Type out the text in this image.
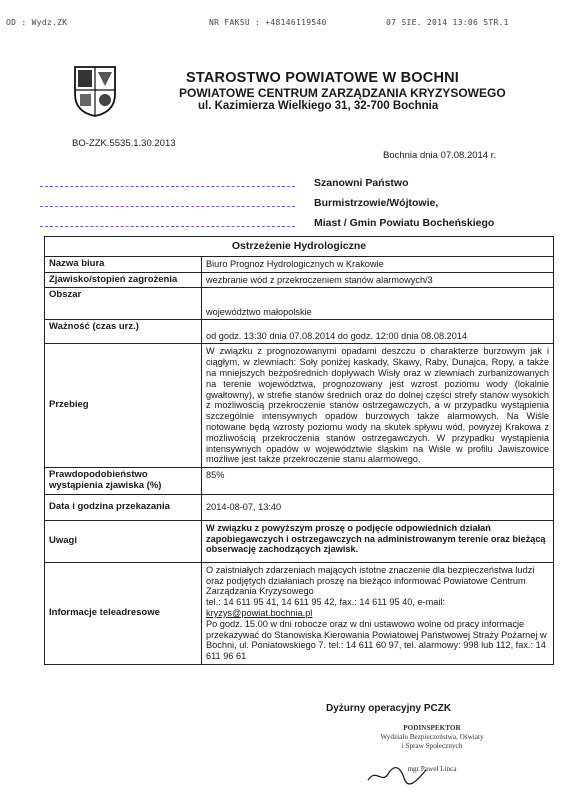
OD : Wydz.ZK	NR FAKSU : +48146119540	07 SIE. 2014 13:06 STR.1
STAROSTWO POWIATOWE W BOCHNI
POWIATOWE CENTRUM ZARZĄDZANIA KRYZYSOWEGO
ul. Kazimierza Wielkiego 31, 32-700 Bochnia
BO-ZZK.5535.1.30.2013
Bochnia dnia 07.08.2014 r.
Szanowni Państwo
Burmistrzowie/Wójtowie,
Miast / Gmin Powiatu Bocheńskiego
Ostrzeżenie Hydrologiczne	
Nazwa biura	Biuro Prognoz Hydrologicznych w Krakowie
Zjawisko/stopień zagrożenia	wezbranie wód z przekroczeniem stanów alarmowych/3
Obszar	województwo małopolskie
Ważność (czas urz.)	od godz. 13:30 dnia 07.08.2014 do godz. 12:00 dnia 08.08.2014
Przebieg	W związku z prognozowanymi opadami deszczu o charakterze burzowym jak i ciągłym, w zlewniach: Soły poniżej kaskady, Skawy, Raby, Dunajca, Ropy, a także na mniejszych bezpośrednich dopływach Wisły oraz w zlewniach zurbanizowanych na terenie województwa, prognozowany jest wzrost poziomu wody (lokalnie gwałtowny), w strefie stanów średnich oraz do dolnej części strefy stanów wysokich z możliwością przekroczenie stanów ostrzegawczych, a w przypadku wystąpienia szczególnie intensywnych opadów burzowych także alarmowych. Na Wiśle notowane będą wzrosty poziomu wody na skutek spływu wód, powyżej Krakowa z możliwością przekroczenia stanów ostrzegawczych. W przypadku wystąpienia intensywnych opadów w województwie śląskim na Wiśle w profilu Jawiszowice możliwe jest także przekroczenie stanu alarmowego.
Prawdopodobieństwo wystąpienia zjawiska (%)	85%
Data i godzina przekazania	2014-08-07, 13:40
Uwagi	W związku z powyższym proszę o podjęcie odpowiednich działań zapobiegawczych i ostrzegawczych na administrowanym terenie oraz bieżącą obserwację zachodzących zjawisk.
Informacje teleadresowe	O zaistniałych zdarzeniach mających istotne znaczenie dla bezpieczeństwa ludzi oraz podjętych działaniach proszę na bieżąco informować Powiatowe Centrum Zarządzania Kryzysowego
tel.: 14 611 95 41, 14 611 95 42, fax.: 14 611 95 40, e-mail:
kryzys@powiat.bochnia.pl
Po godz. 15.00 w dni robocze oraz w dni ustawowo wolne od pracy informacje przekazywać do Stanowiska Kierowania Powiatowej Państwowej Straży Pożarnej w Bochni, ul. Poniatowskiego 7. tel.: 14 611 60 97, tel. alarmowy: 998 lub 112, fax.: 14 611 96 61
Dyżurny operacyjny PCZK
PODINSPEKTOR
Wydziału Bezpieczeństwa, Oświaty
i Spraw Społecznych
mgr Paweł Linca
